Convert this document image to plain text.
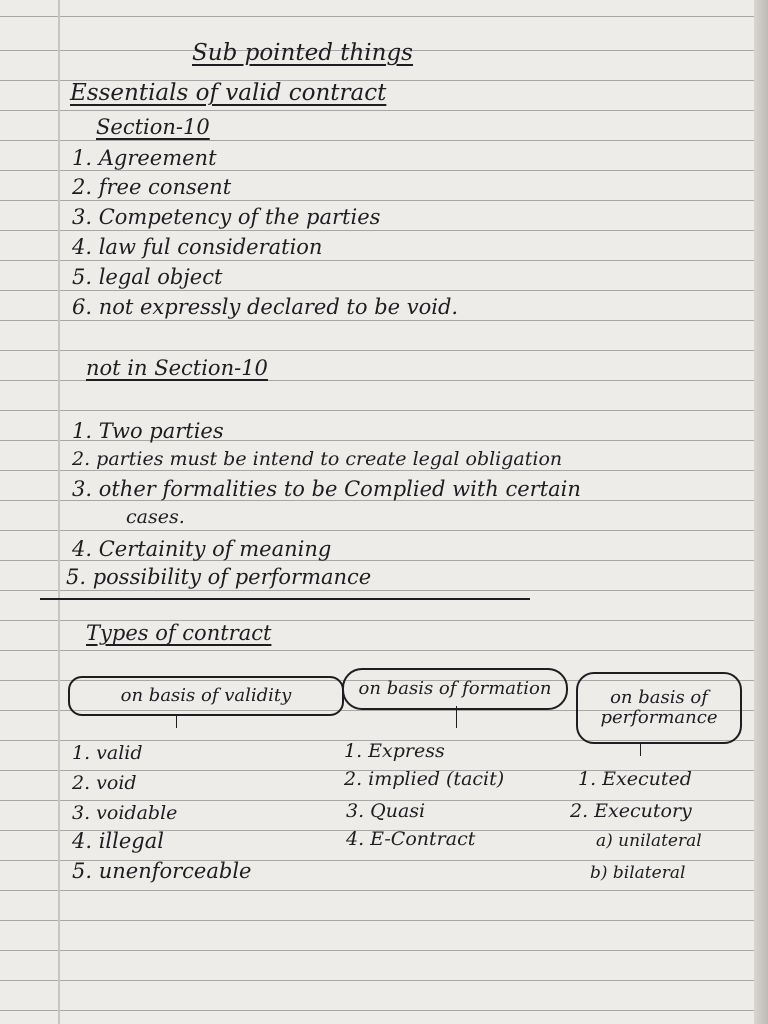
Sub pointed things
Essentials of valid contract
Section-10
1. Agreement
2. free consent
3. Competency of the parties
4. law ful consideration
5. legal object
6. not expressly declared to be void.
not in Section-10
1. Two parties
2. parties must be intend to create legal obligation
3. other formalities to be Complied with certain
cases.
4. Certainity of meaning
5. possibility of performance
Types of contract
on basis of validity	on basis of formation	on basis of performance
1. valid
2. void
3. voidable
4. illegal
5. unenforceable
1. Express
2. implied (tacit)
3. Quasi
4. E-Contract
1. Executed
2. Executory
a) unilateral
b) bilateral
